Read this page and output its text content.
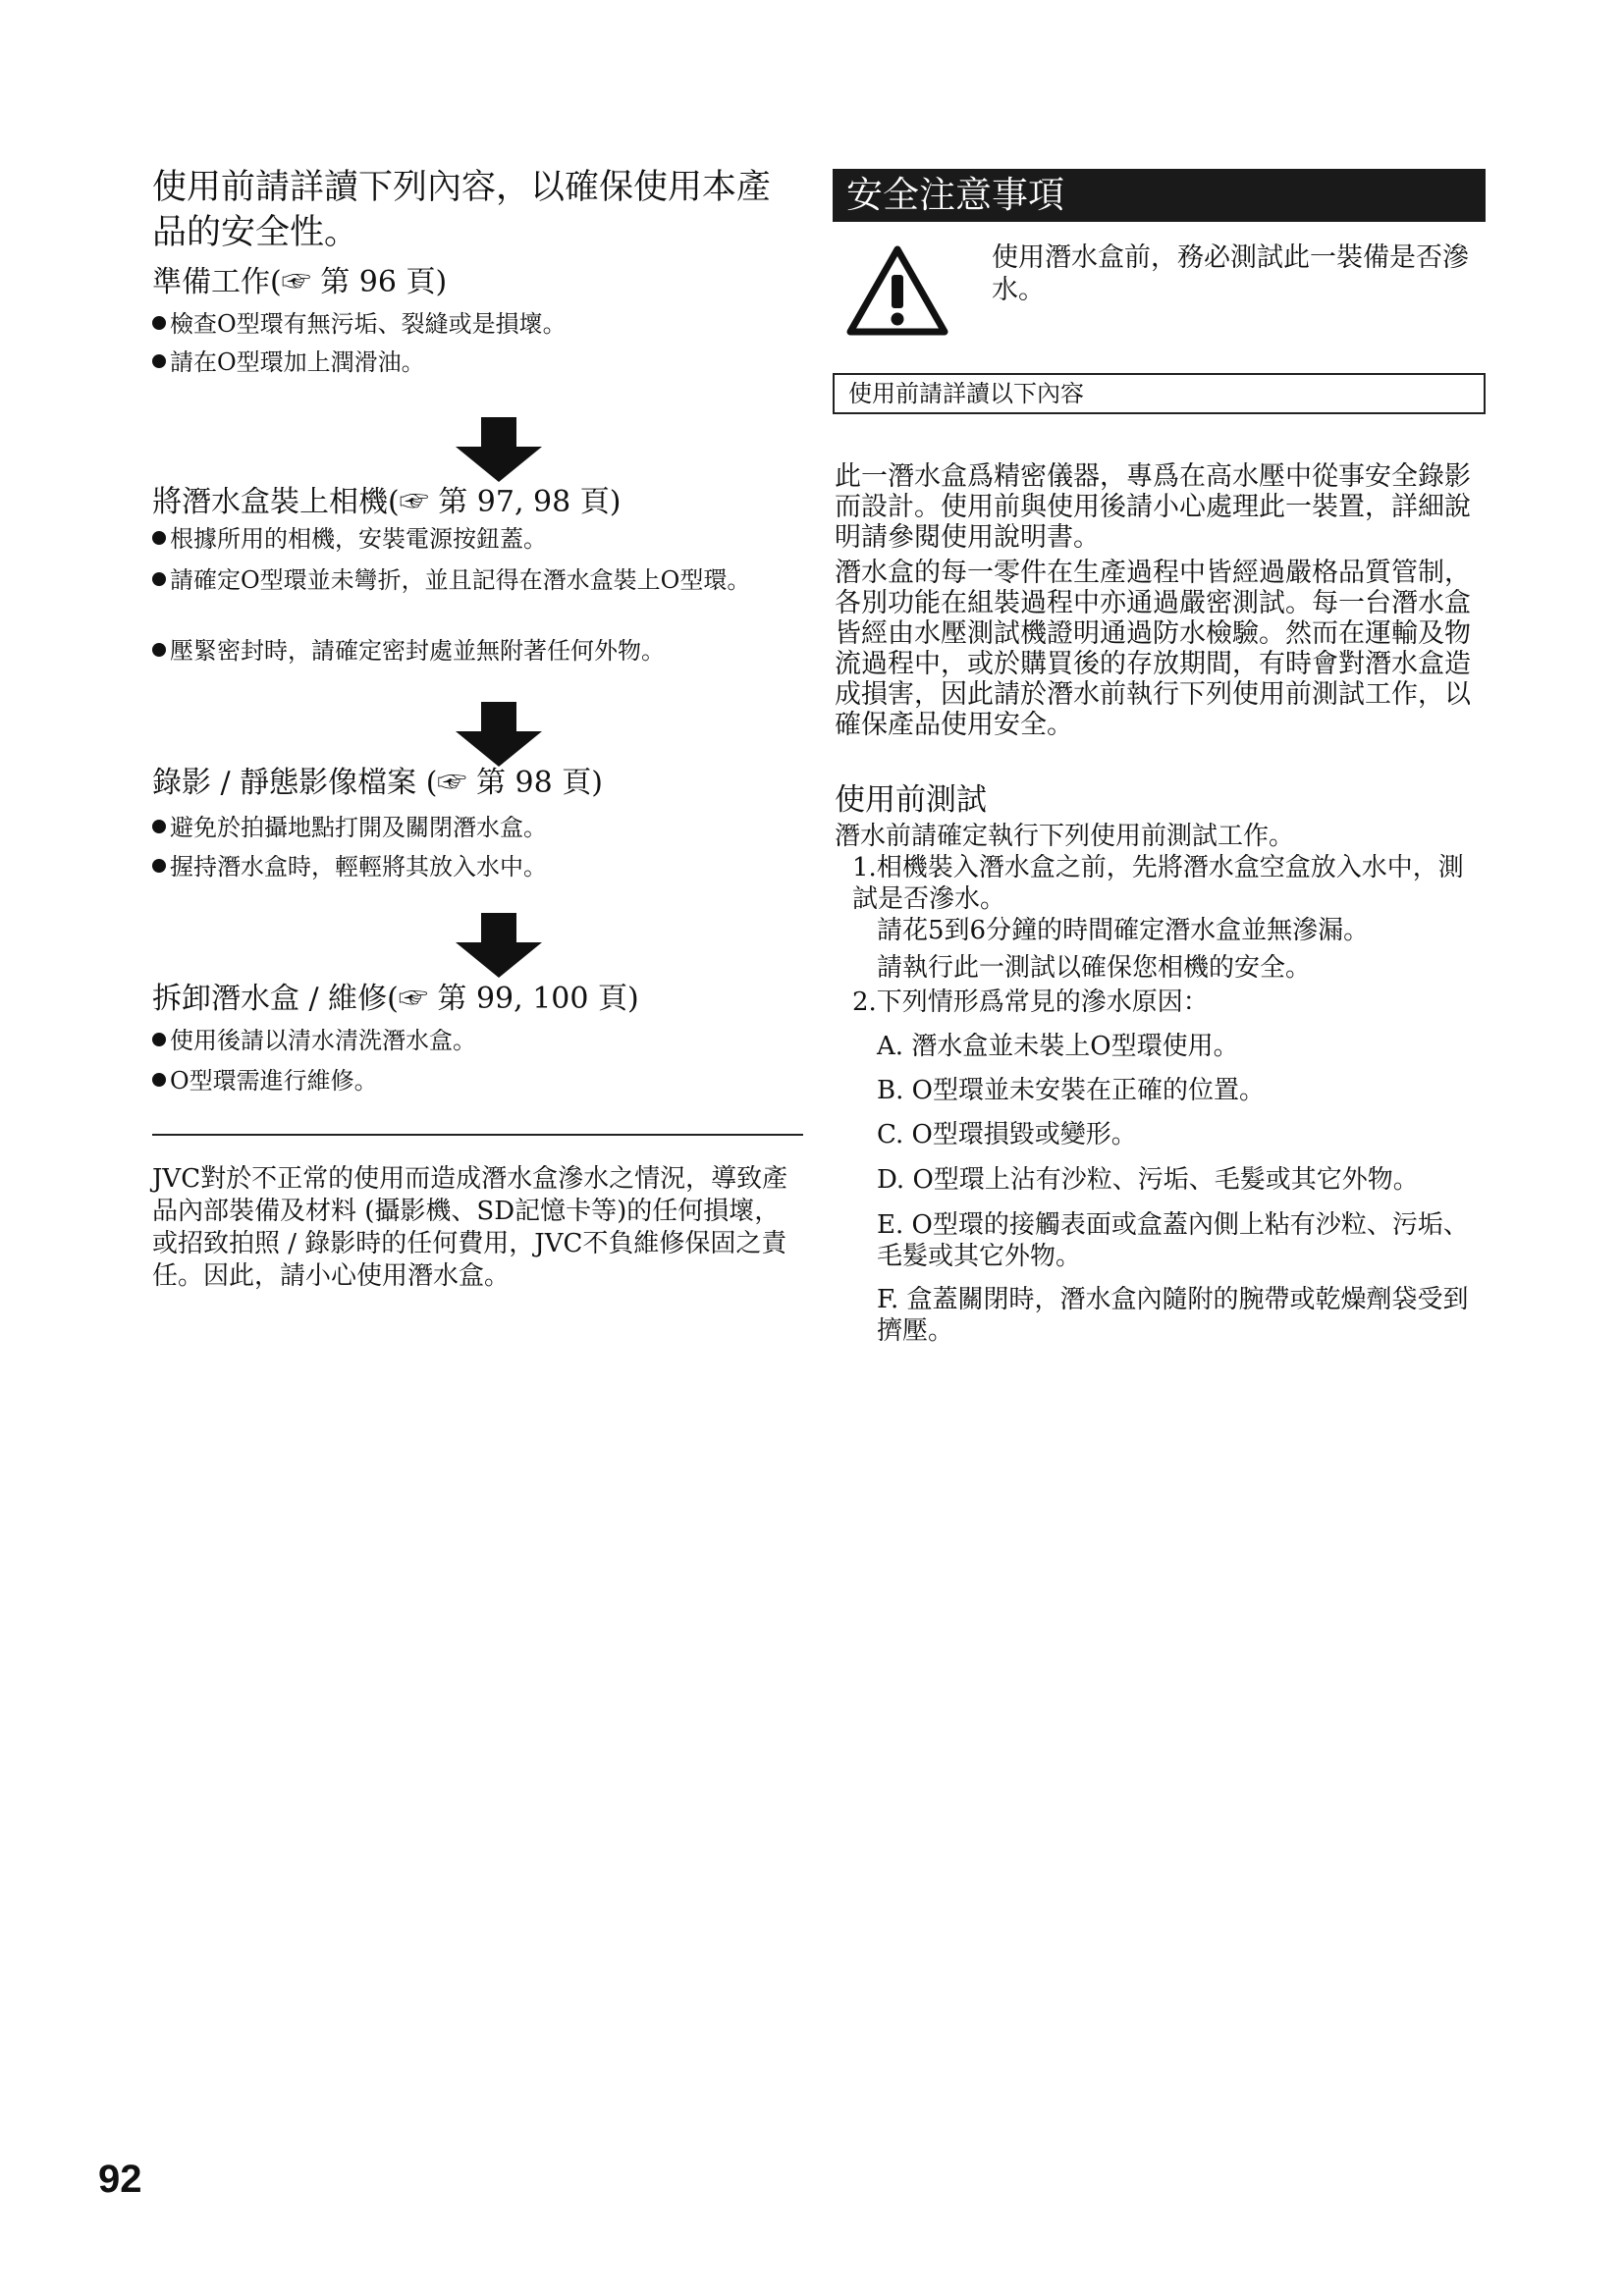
使用前請詳讀下列內容，以確保使用本產品的安全性。
準備工作(☞ 第 96 頁)
檢查O型環有無污垢、裂縫或是損壞。
請在O型環加上潤滑油。
將潛水盒裝上相機(☞ 第 97, 98 頁)
根據所用的相機，安裝電源按鈕蓋。
請確定O型環並未彎折，並且記得在潛水盒裝上O型環。
壓緊密封時，請確定密封處並無附著任何外物。
錄影 / 靜態影像檔案 (☞ 第 98 頁)
避免於拍攝地點打開及關閉潛水盒。
握持潛水盒時，輕輕將其放入水中。
拆卸潛水盒 / 維修(☞ 第 99, 100 頁)
使用後請以清水清洗潛水盒。
O型環需進行維修。
JVC對於不正常的使用而造成潛水盒滲水之情況，導致產品內部裝備及材料 (攝影機、SD記憶卡等)的任何損壞，或招致拍照 / 錄影時的任何費用，JVC不負維修保固之責任。因此，請小心使用潛水盒。
安全注意事項
使用潛水盒前，務必測試此一裝備是否滲水。
使用前請詳讀以下內容
此一潛水盒爲精密儀器，專爲在高水壓中從事安全錄影而設計。使用前與使用後請小心處理此一裝置，詳細說明請參閱使用說明書。
潛水盒的每一零件在生產過程中皆經過嚴格品質管制，各別功能在組裝過程中亦通過嚴密測試。每一台潛水盒皆經由水壓測試機證明通過防水檢驗。然而在運輸及物流過程中，或於購買後的存放期間，有時會對潛水盒造成損害，因此請於潛水前執行下列使用前測試工作，以確保產品使用安全。
使用前測試
潛水前請確定執行下列使用前測試工作。
1.相機裝入潛水盒之前，先將潛水盒空盒放入水中，測試是否滲水。
請花5到6分鐘的時間確定潛水盒並無滲漏。
請執行此一測試以確保您相機的安全。
2.下列情形爲常見的滲水原因：
A. 潛水盒並未裝上O型環使用。
B. O型環並未安裝在正確的位置。
C. O型環損毀或變形。
D. O型環上沾有沙粒、污垢、毛髮或其它外物。
E. O型環的接觸表面或盒蓋內側上粘有沙粒、污垢、毛髮或其它外物。
F. 盒蓋關閉時，潛水盒內隨附的腕帶或乾燥劑袋受到擠壓。
92
